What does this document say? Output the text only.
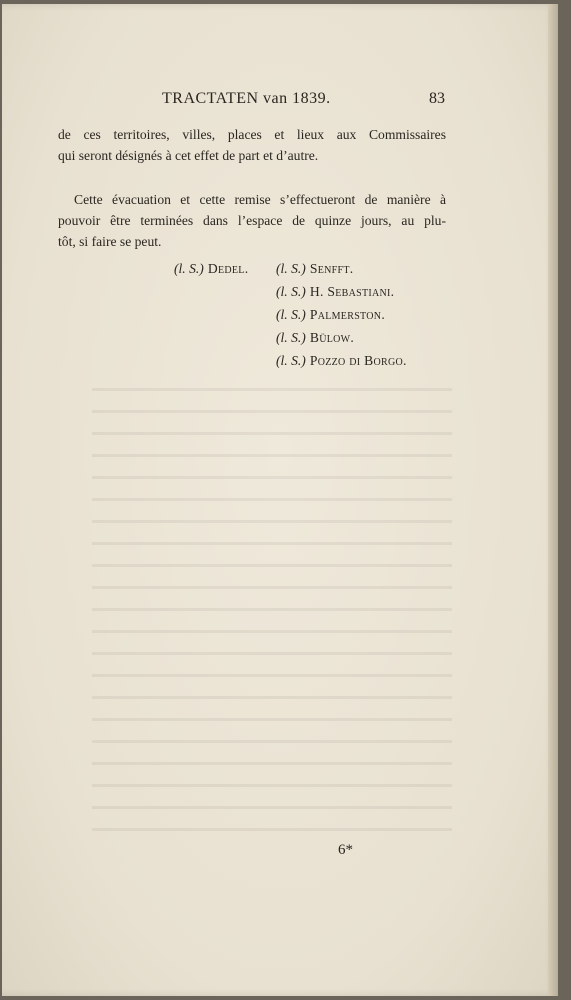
TRACTATEN van 1839.	83
de ces territoires, villes, places et lieux aux Commissaires
qui seront désignés à cet effet de part et d’autre.
Cette évacuation et cette remise s’effectueront de manière à
pouvoir être terminées dans l’espace de quinze jours, au plu-
tôt, si faire se peut.
(l. S.) Dedel. (l. S.) Senfft.
(l. S.) H. Sebastiani.
(l. S.) Palmerston.
(l. S.) Bülow.
(l. S.) Pozzo di Borgo.
6*
